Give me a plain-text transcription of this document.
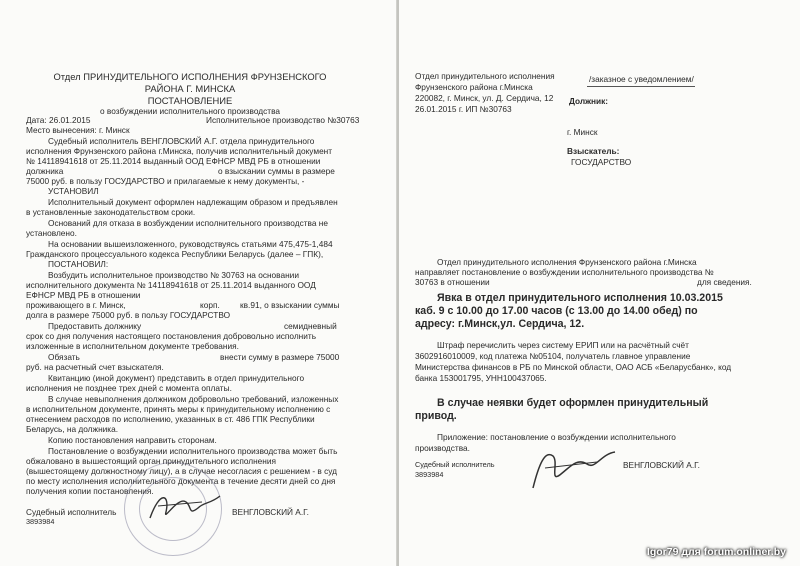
Отдел ПРИНУДИТЕЛЬНОГО ИСПОЛНЕНИЯ ФРУНЗЕНСКОГО
РАЙОНА Г. МИНСКА
ПОСТАНОВЛЕНИЕ
о возбуждении исполнительного производства
Дата: 26.01.2015	Исполнительное производство №30763
Место вынесения: г. Минск
Судебный исполнитель ВЕНГЛОВСКИЙ А.Г. отдела принудительного
исполнения Фрунзенского района г.Минска, получив исполнительный документ
№ 14118941618 от 25.11.2014 выданный ООД ЕФНСР МВД РБ в отношении
должника	о взыскании суммы в размере
75000 руб. в пользу ГОСУДАРСТВО и прилагаемые к нему документы, -
УСТАНОВИЛ
Исполнительный документ оформлен надлежащим образом и предъявлен
в установленные законодательством сроки.
Оснований для отказа в возбуждении исполнительного производства не
установлено.
На основании вышеизложенного, руководствуясь статьями 475,475-1,484
Гражданского процессуального кодекса Республики Беларусь (далее – ГПК),
ПОСТАНОВИЛ:
Возбудить исполнительное производство № 30763 на основании
исполнительного документа № 14118941618 от 25.11.2014 выданного ООД
ЕФНСР МВД РБ в отношении
проживающего в г. Минск,	корп. кв.91, о взыскании суммы
долга в размере 75000 руб. в пользу ГОСУДАРСТВО
Предоставить должнику	семидневный
срок со дня получения настоящего постановления добровольно исполнить
изложенные в исполнительном документе требования.
Обязать	внести сумму в размере 75000
руб. на расчетный счет взыскателя.
Квитанцию (иной документ) представить в отдел принудительного
исполнения не позднее трех дней с момента оплаты.
В случае невыполнения должником добровольно требований, изложенных
в исполнительном документе, принять меры к принудительному исполнению с
отнесением расходов по исполнению, указанных в ст. 486 ГПК Республики
Беларусь, на должника.
Копию постановления направить сторонам.
Постановление о возбуждении исполнительного производства может быть
обжаловано в вышестоящий орган принудительного исполнения
(вышестоящему должностному лицу), а в случае несогласия с решением - в суд
по месту исполнения исполнительного документа в течение десяти дней со дня
получения копии постановления.
Судебный исполнитель
3893984
ВЕНГЛОВСКИЙ А.Г.
Отдел принудительного исполнения
Фрунзенского района г.Минска
220082, г. Минск, ул. Д. Сердича, 12
26.01.2015 г. ИП №30763
/заказное с уведомлением/
Должник:
г. Минск
Взыскатель:
ГОСУДАРСТВО
Отдел принудительного исполнения Фрунзенского района г.Минска
направляет постановление о возбуждении исполнительного производства №
30763 в отношении	для сведения.
Явка в отдел принудительного исполнения 10.03.2015
каб. 9 с 10.00 до 17.00 часов (с 13.00 до 14.00 обед) по
адресу: г.Минск,ул. Сердича, 12.
Штраф перечислить через систему ЕРИП или на расчётный счёт
3602916010009, код платежа №05104, получатель главное управление
Министерства финансов в РБ по Минской области, ОАО АСБ «Беларусбанк», код
банка 153001795, УНН100437065.
В случае неявки будет оформлен принудительный
привод.
Приложение: постановление о возбуждении исполнительного
производства.
Судебный исполнитель
3893984
ВЕНГЛОВСКИЙ А.Г.
Igor79 для forum.onliner.by
